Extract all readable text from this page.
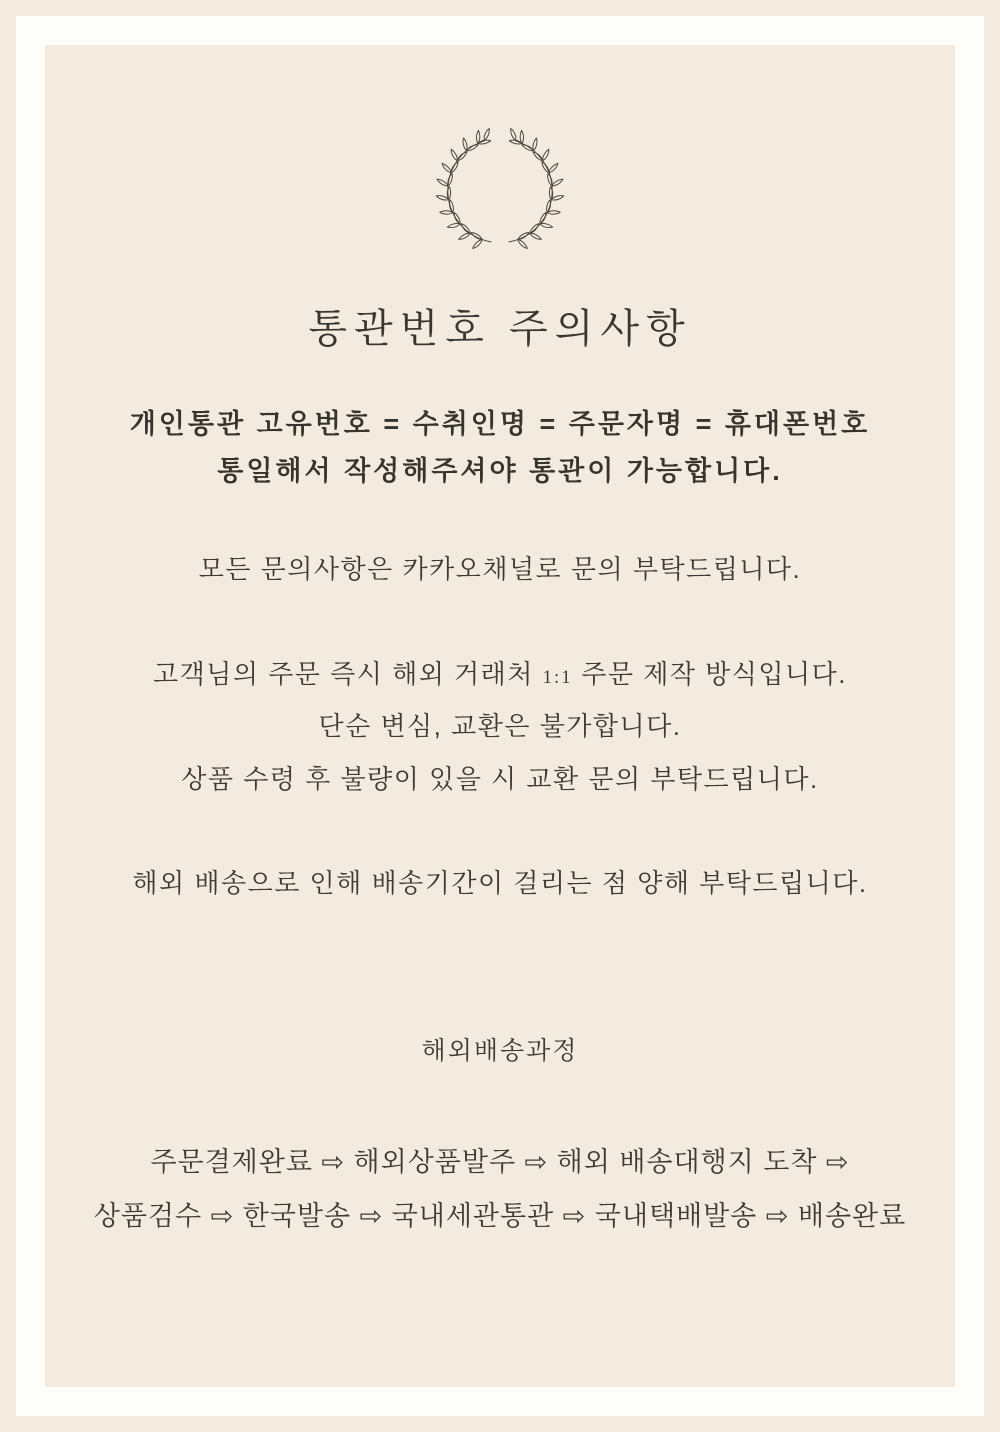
통관번호 주의사항

개인통관 고유번호 = 수취인명 = 주문자명 = 휴대폰번호

통일해서 작성해주셔야 통관이 가능합니다.

모든 문의사항은 카카오채널로 문의 부탁드립니다.

고객님의 주문 즉시 해외 거래처 1:1 주문 제작 방식입니다.

단순 변심, 교환은 불가합니다.

상품 수령 후 불량이 있을 시 교환 문의 부탁드립니다.

해외 배송으로 인해 배송기간이 걸리는 점 양해 부탁드립니다.

해외배송과정

주문결제완료 ⇨ 해외상품발주 ⇨ 해외 배송대행지 도착 ⇨

상품검수 ⇨ 한국발송 ⇨ 국내세관통관 ⇨ 국내택배발송 ⇨ 배송완료
